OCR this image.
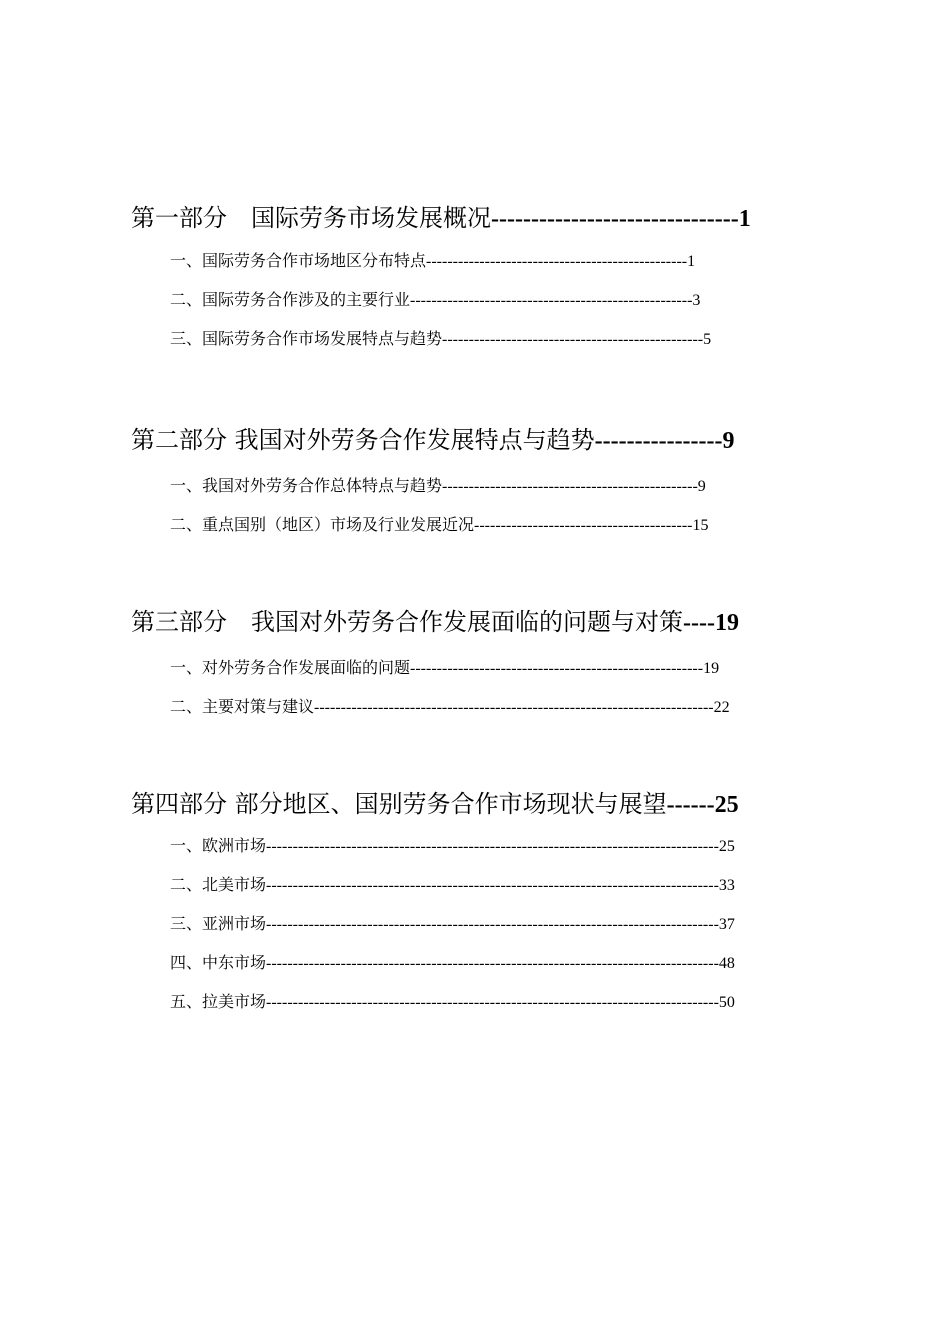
第一部分　国际劳务市场发展概况-------------------------------1
一、国际劳务合作市场地区分布特点-------------------------------------------------1
二、国际劳务合作涉及的主要行业-----------------------------------------------------3
三、国际劳务合作市场发展特点与趋势-------------------------------------------------5
第二部分 我国对外劳务合作发展特点与趋势----------------9
一、我国对外劳务合作总体特点与趋势------------------------------------------------9
二、重点国别（地区）市场及行业发展近况-----------------------------------------15
第三部分　我国对外劳务合作发展面临的问题与对策----19
一、对外劳务合作发展面临的问题-------------------------------------------------------19
二、主要对策与建议---------------------------------------------------------------------------22
第四部分 部分地区、国别劳务合作市场现状与展望------25
一、欧洲市场-------------------------------------------------------------------------------------25
二、北美市场-------------------------------------------------------------------------------------33
三、亚洲市场-------------------------------------------------------------------------------------37
四、中东市场-------------------------------------------------------------------------------------48
五、拉美市场-------------------------------------------------------------------------------------50
